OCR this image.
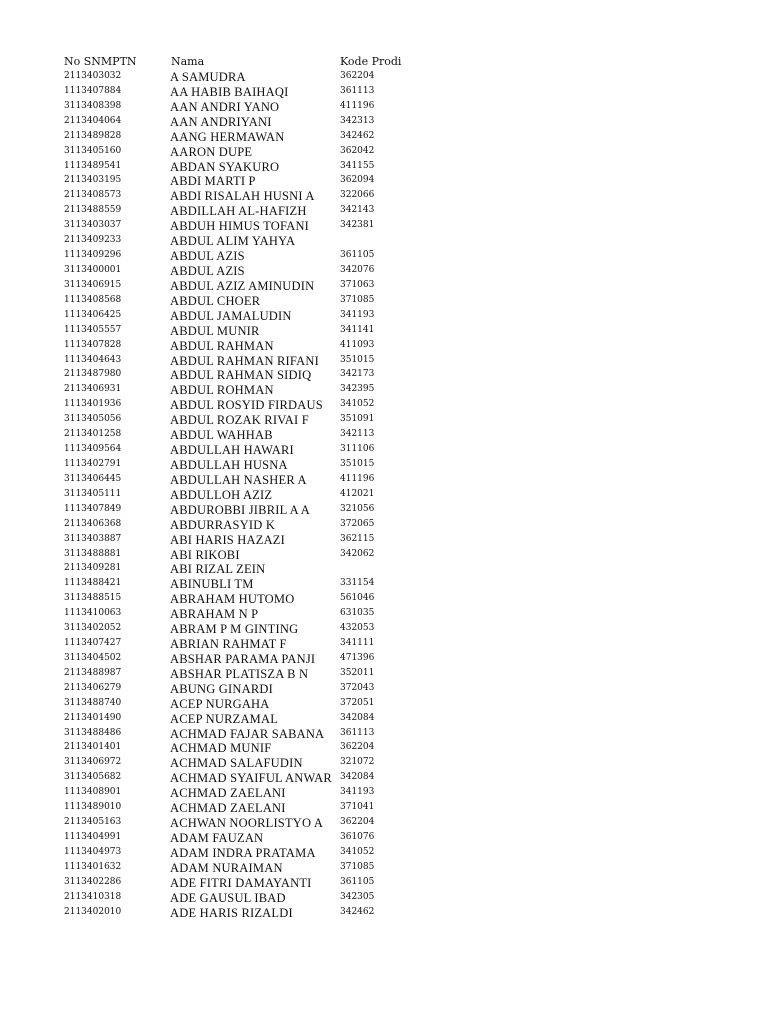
No SNMPTN	Nama	Kode Prodi
2113403032	A SAMUDRA	362204
1113407884	AA HABIB BAIHAQI	361113
3113408398	AAN ANDRI YANO	411196
2113404064	AAN ANDRIYANI	342313
2113489828	AANG HERMAWAN	342462
3113405160	AARON DUPE	362042
1113489541	ABDAN SYAKURO	341155
2113403195	ABDI MARTI P	362094
2113408573	ABDI RISALAH HUSNI A	322066
2113488559	ABDILLAH AL-HAFIZH	342143
3113403037	ABDUH HIMUS TOFANI	342381
2113409233	ABDUL ALIM YAHYA
1113409296	ABDUL AZIS	361105
3113400001	ABDUL AZIS	342076
3113406915	ABDUL AZIZ AMINUDIN	371063
1113408568	ABDUL CHOER	371085
1113406425	ABDUL JAMALUDIN	341193
1113405557	ABDUL MUNIR	341141
1113407828	ABDUL RAHMAN	411093
1113404643	ABDUL RAHMAN RIFANI 351015
2113487980	ABDUL RAHMAN SIDIQ	342173
2113406931	ABDUL ROHMAN	342395
1113401936	ABDUL ROSYID FIRDAUS 341052
3113405056	ABDUL ROZAK RIVAI F	351091
2113401258	ABDUL WAHHAB	342113
1113409564	ABDULLAH HAWARI	311106
1113402791	ABDULLAH HUSNA	351015
3113406445	ABDULLAH NASHER A	411196
3113405111	ABDULLOH AZIZ	412021
1113407849	ABDUROBBI JIBRIL A A	321056
2113406368	ABDURRASYID K	372065
3113403887	ABI HARIS HAZAZI	362115
3113488881	ABI RIKOBI	342062
2113409281	ABI RIZAL ZEIN
1113488421	ABINUBLI TM	331154
3113488515	ABRAHAM HUTOMO	561046
1113410063	ABRAHAM N P	631035
3113402052	ABRAM P M GINTING	432053
1113407427	ABRIAN RAHMAT F	341111
3113404502	ABSHAR PARAMA PANJI	471396
2113488987	ABSHAR PLATISZA B N	352011
2113406279	ABUNG GINARDI	372043
3113488740	ACEP NURGAHA	372051
2113401490	ACEP NURZAMAL	342084
3113488486	ACHMAD FAJAR SABANA 361113
2113401401	ACHMAD MUNIF	362204
3113406972	ACHMAD SALAFUDIN	321072
3113405682	ACHMAD SYAIFUL ANWAR 342084
1113408901	ACHMAD ZAELANI	341193
1113489010	ACHMAD ZAELANI	371041
2113405163	ACHWAN NOORLISTYO A 362204
1113404991	ADAM FAUZAN	361076
1113404973	ADAM INDRA PRATAMA	341052
1113401632	ADAM NURAIMAN	371085
3113402286	ADE FITRI DAMAYANTI	361105
2113410318	ADE GAUSUL IBAD	342305
2113402010	ADE HARIS RIZALDI	342462
